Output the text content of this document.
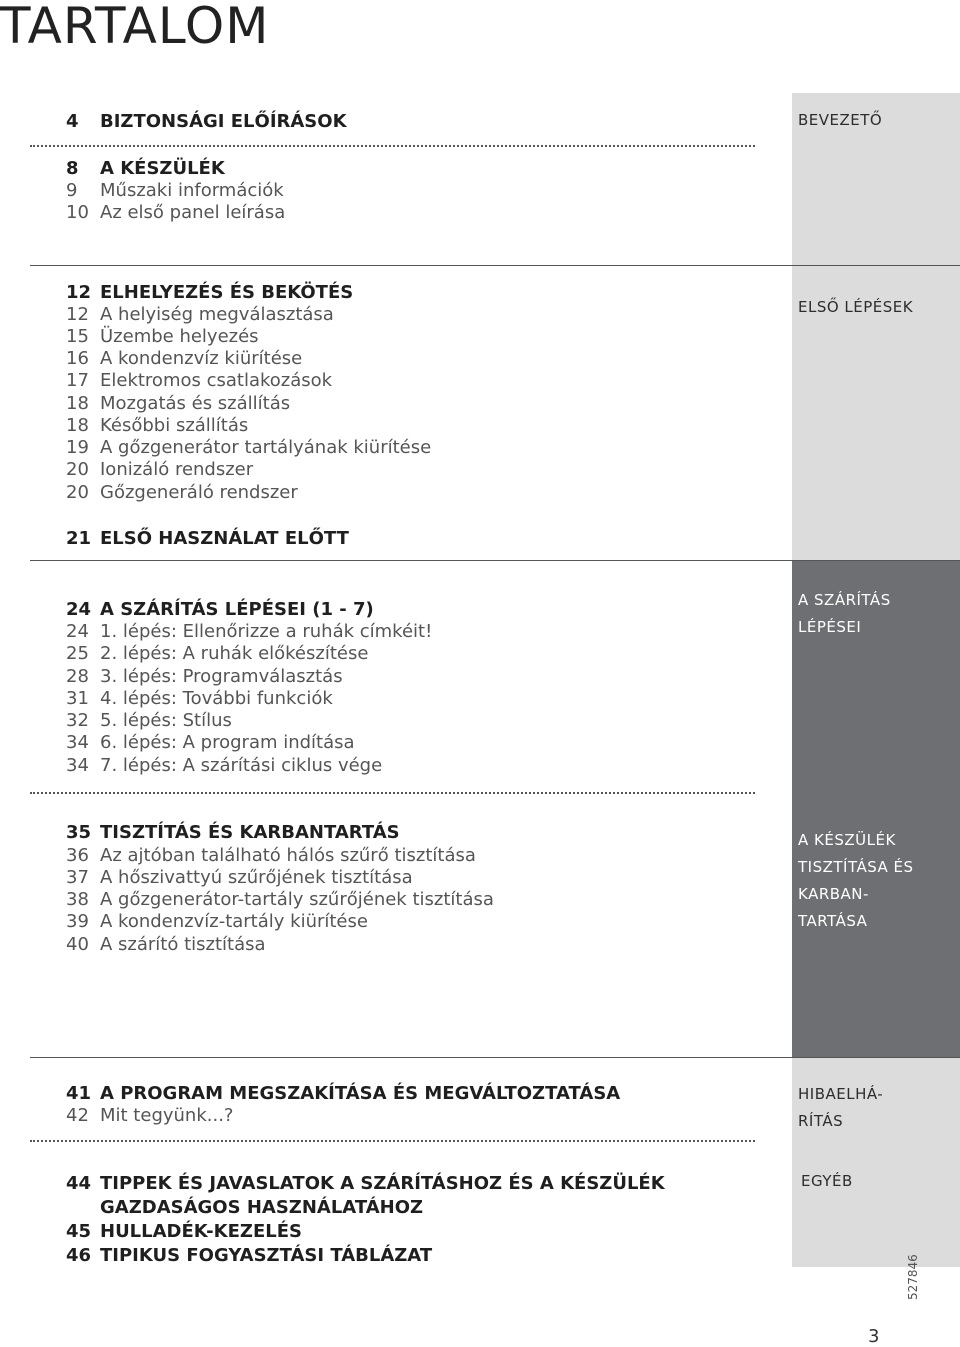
TARTALOM
BEVEZETŐ
ELSŐ LÉPÉSEK
A SZÁRÍTÁS
LÉPÉSEI
A KÉSZÜLÉK
TISZTÍTÁSA ÉS
KARBAN-
TARTÁSA
HIBAELHÁ-
RÍTÁS
EGYÉB
4	BIZTONSÁGI ELŐÍRÁSOK
8	A KÉSZÜLÉK
9	Műszaki információk
10 Az első panel leírása
12 ELHELYEZÉS ÉS BEKÖTÉS
12 A helyiség megválasztása
15 Üzembe helyezés
16 A kondenzvíz kiürítése
17 Elektromos csatlakozások
18 Mozgatás és szállítás
18 Későbbi szállítás
19 A gőzgenerátor tartályának kiürítése
20 Ionizáló rendszer
20 Gőzgeneráló rendszer
21 ELSŐ HASZNÁLAT ELŐTT
24 A SZÁRÍTÁS LÉPÉSEI (1 - 7)
24 1. lépés: Ellenőrizze a ruhák címkéit!
25 2. lépés: A ruhák előkészítése
28 3. lépés: Programválasztás
31 4. lépés: További funkciók
32 5. lépés: Stílus
34 6. lépés: A program indítása
34 7. lépés: A szárítási ciklus vége
35 TISZTÍTÁS ÉS KARBANTARTÁS
36 Az ajtóban található hálós szűrő tisztítása
37 A hőszivattyú szűrőjének tisztítása
38 A gőzgenerátor-tartály szűrőjének tisztítása
39 A kondenzvíz-tartály kiürítése
40 A szárító tisztítása
41 A PROGRAM MEGSZAKÍTÁSA ÉS MEGVÁLTOZTATÁSA
42 Mit tegyünk...?
44 TIPPEK ÉS JAVASLATOK A SZÁRÍTÁSHOZ ÉS A KÉSZÜLÉK
GAZDASÁGOS HASZNÁLATÁHOZ
45 HULLADÉK-KEZELÉS
46 TIPIKUS FOGYASZTÁSI TÁBLÁZAT
3
527846
